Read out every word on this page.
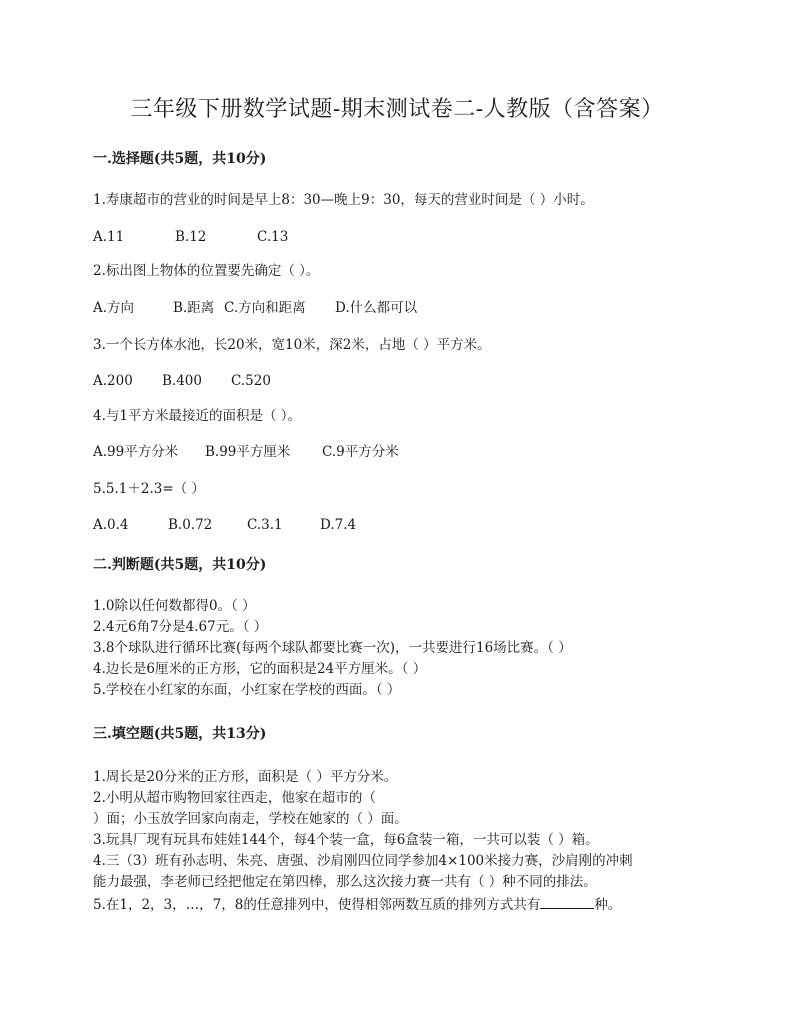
三年级下册数学试题-期末测试卷二-人教版（含答案）
一.选择题(共5题，共10分)
1.寿康超市的营业的时间是早上8：30—晚上9：30，每天的营业时间是（ ）小时。
A.11	B.12	C.13
2.标出图上物体的位置要先确定（ ）。
A.方向	B.距离 C.方向和距离 D.什么都可以
3.一个长方体水池，长20米，宽10米，深2米，占地（ ）平方米。
A.200 B.400 C.520
4.与1平方米最接近的面积是（ ）。
A.99平方分米 B.99平方厘米 C.9平方分米
5.5.1＋2.3=（ ）
A.0.4	B.0.72	C.3.1	D.7.4
二.判断题(共5题，共10分)
1.0除以任何数都得0。（ ）
2.4元6角7分是4.67元。（ ）
3.8个球队进行循环比赛(每两个球队都要比赛一次)，一共要进行16场比赛。（ ）
4.边长是6厘米的正方形，它的面积是24平方厘米。（ ）
5.学校在小红家的东面，小红家在学校的西面。（ ）
三.填空题(共5题，共13分)
1.周长是20分米的正方形，面积是（ ）平方分米。
2.小明从超市购物回家往西走，他家在超市的（
）面；小玉放学回家向南走，学校在她家的（ ）面。
3.玩具厂现有玩具布娃娃144个，每4个装一盒，每6盒装一箱，一共可以装（ ）箱。
4.三（3）班有孙志明、朱亮、唐强、沙肩刚四位同学参加4×100米接力赛，沙肩刚的冲刺
能力最强，李老师已经把他定在第四棒，那么这次接力赛一共有（ ）种不同的排法。
5.在1，2，3，…，7，8的任意排列中，使得相邻两数互质的排列方式共有	种。
